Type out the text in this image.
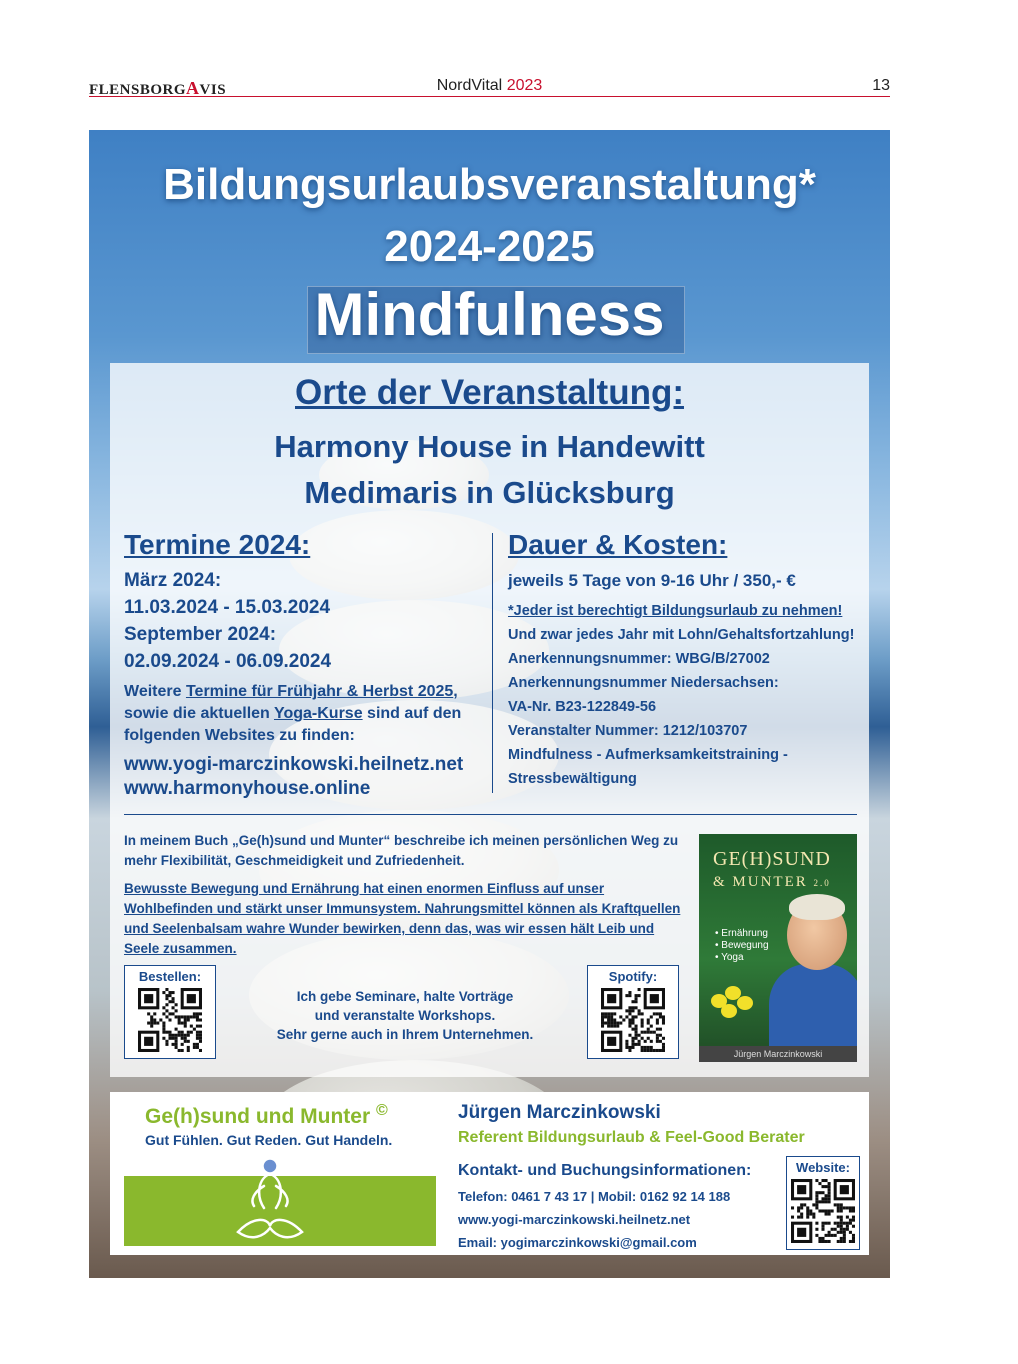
FLENSBORGAVIS	NordVital 2023	13
Bildungsurlaubsveranstaltung*
2024-2025
Mindfulness
Orte der Veranstaltung:
Harmony House in Handewitt
Medimaris in Glücksburg
Termine 2024:
März 2024:
11.03.2024 - 15.03.2024
September 2024:
02.09.2024 - 06.09.2024
Weitere Termine für Frühjahr & Herbst 2025, sowie die aktuellen Yoga-Kurse sind auf den folgenden Websites zu finden:
www.yogi-marczinkowski.heilnetz.net
www.harmonyhouse.online
Dauer & Kosten:
jeweils 5 Tage von 9-16 Uhr / 350,- €
*Jeder ist berechtigt Bildungsurlaub zu nehmen!
Und zwar jedes Jahr mit Lohn/Gehaltsfortzahlung!
Anerkennungsnummer: WBG/B/27002
Anerkennungsnummer Niedersachsen:
VA-Nr. B23-122849-56
Veranstalter Nummer: 1212/103707
Mindfulness - Aufmerksamkeitstraining -
Stressbewältigung

In meinem Buch „Ge(h)sund und Munter“ beschreibe ich meinen persönlichen Weg zu mehr Flexibilität, Geschmeidigkeit und Zufriedenheit.

Bewusste Bewegung und Ernährung hat einen enormen Einfluss auf unser Wohlbefinden und stärkt unser Immunsystem. Nahrungsmittel können als Kraftquellen und Seelenbalsam wahre Wunder bewirken, denn das, was wir essen hält Leib und Seele zusammen.

Bestellen:
Ich gebe Seminare, halte Vorträge
und veranstalte Workshops.
Sehr gerne auch in Ihrem Unternehmen.
Spotify:
GE(H)SUND
& MUNTER 2.0
• Ernährung
• Bewegung
• Yoga
Jürgen Marczinkowski
Ge(h)sund und Munter ©
Gut Fühlen. Gut Reden. Gut Handeln.
Jürgen Marczinkowski
Referent Bildungsurlaub & Feel-Good Berater
Kontakt- und Buchungsinformationen:
Telefon: 0461 7 43 17 | Mobil: 0162 92 14 188
www.yogi-marczinkowski.heilnetz.net
Email: yogimarczinkowski@gmail.com
Website:
